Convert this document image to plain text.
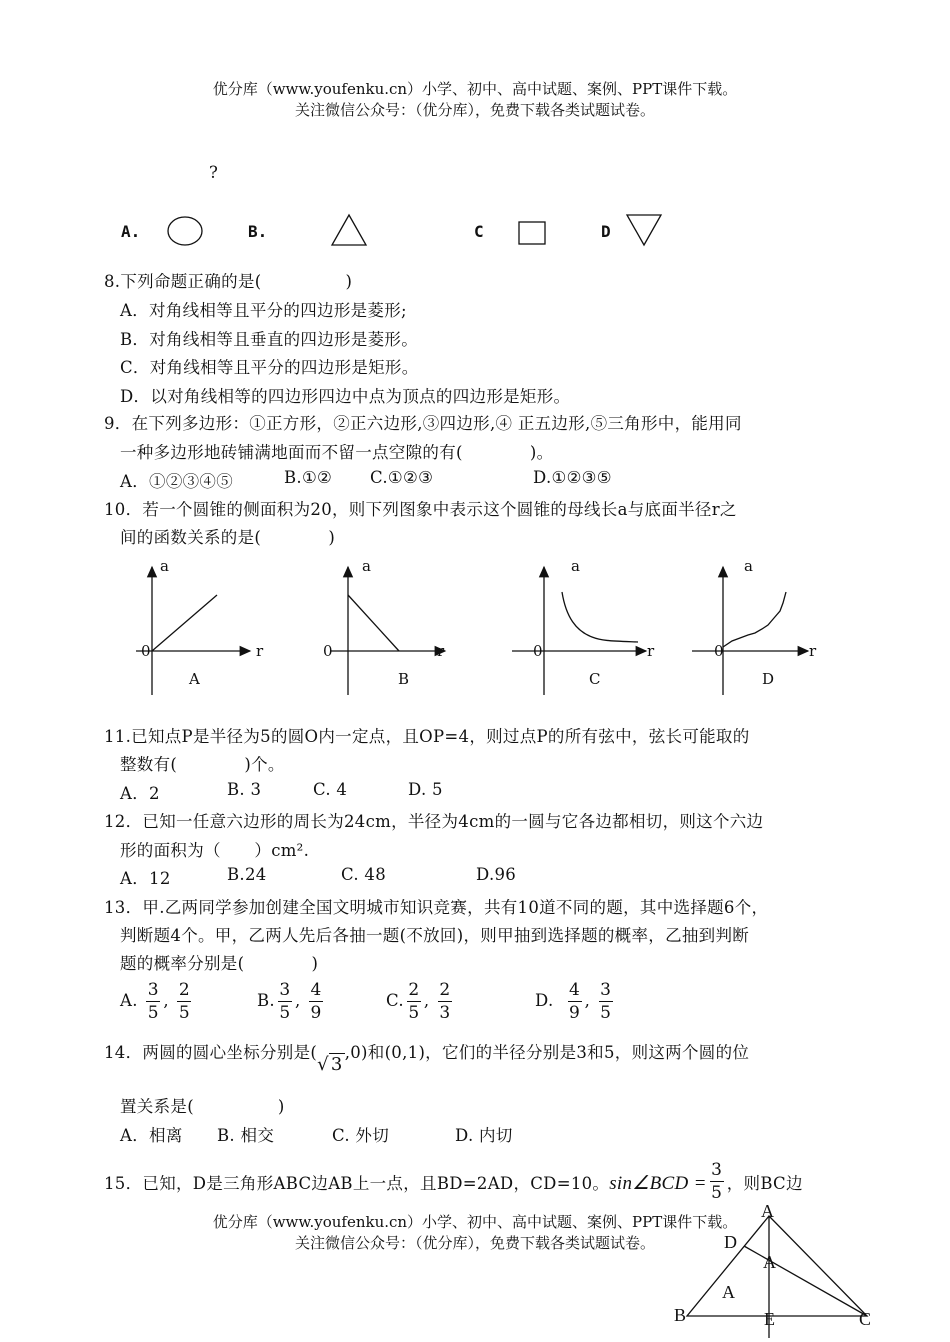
优分库（www.youfenku.cn）小学、初中、高中试题、案例、PPT课件下载。
关注微信公众号：（优分库），免费下载各类试题试卷。
?
A.	B.	C	D
8.下列命题正确的是(　　　　　)
A．对角线相等且平分的四边形是菱形;
B．对角线相等且垂直的四边形是菱形。
C．对角线相等且平分的四边形是矩形。
D．以对角线相等的四边形四边中点为顶点的四边形是矩形。
9．在下列多边形：①正方形，②正六边形,③四边形,④ 正五边形,⑤三角形中，能用同
一种多边形地砖铺满地面而不留一点空隙的有(　　　　)。
A．①②③④⑤	B.①② C.①②③	D.①②③⑤
10．若一个圆锥的侧面积为20，则下列图象中表示这个圆锥的母线长a与底面半径r之
间的函数关系的是(　　　　)
a
r
0
A
a
r
0
B
a
r
0
C
a
r
0
D
11.已知点P是半径为5的圆O内一定点，且OP=4，则过点P的所有弦中，弦长可能取的
整数有(　　　　)个。
A．2	B. 3	C. 4	D. 5
12．已知一任意六边形的周长为24cm，半径为4cm的一圆与它各边都相切，则这个六边
形的面积为（　　）cm².
A．12	B.24	C. 48	D.96
13．甲.乙两同学参加创建全国文明城市知识竞赛，共有10道不同的题，其中选择题6个，
判断题4个。甲，乙两人先后各抽一题(不放回)，则甲抽到选择题的概率，乙抽到判断
题的概率分别是(　　　　)
A. $\frac{3}{5}$ , $\frac{2}{5}$	B. $\frac{3}{5}$ , $\frac{4}{9}$	C. $\frac{2}{5}$ , $\frac{2}{3}$	D. $\frac{4}{9}$ , $\frac{3}{5}$
14．两圆的圆心坐标分别是(√ 3,0)和(0,1)，它们的半径分别是3和5，则这两个圆的位
置关系是(　　　　　)
A．相离 B. 相交	C. 外切	D. 内切
15．已知，D是三角形ABC边AB上一点，且BD=2AD，CD=10。sin∠BCD = $\frac{3}{5}$ ，则BC边
优分库（www.youfenku.cn）小学、初中、高中试题、案例、PPT课件下载。
关注微信公众号：（优分库），免费下载各类试题试卷。
A
D
A
A
B	E	C
